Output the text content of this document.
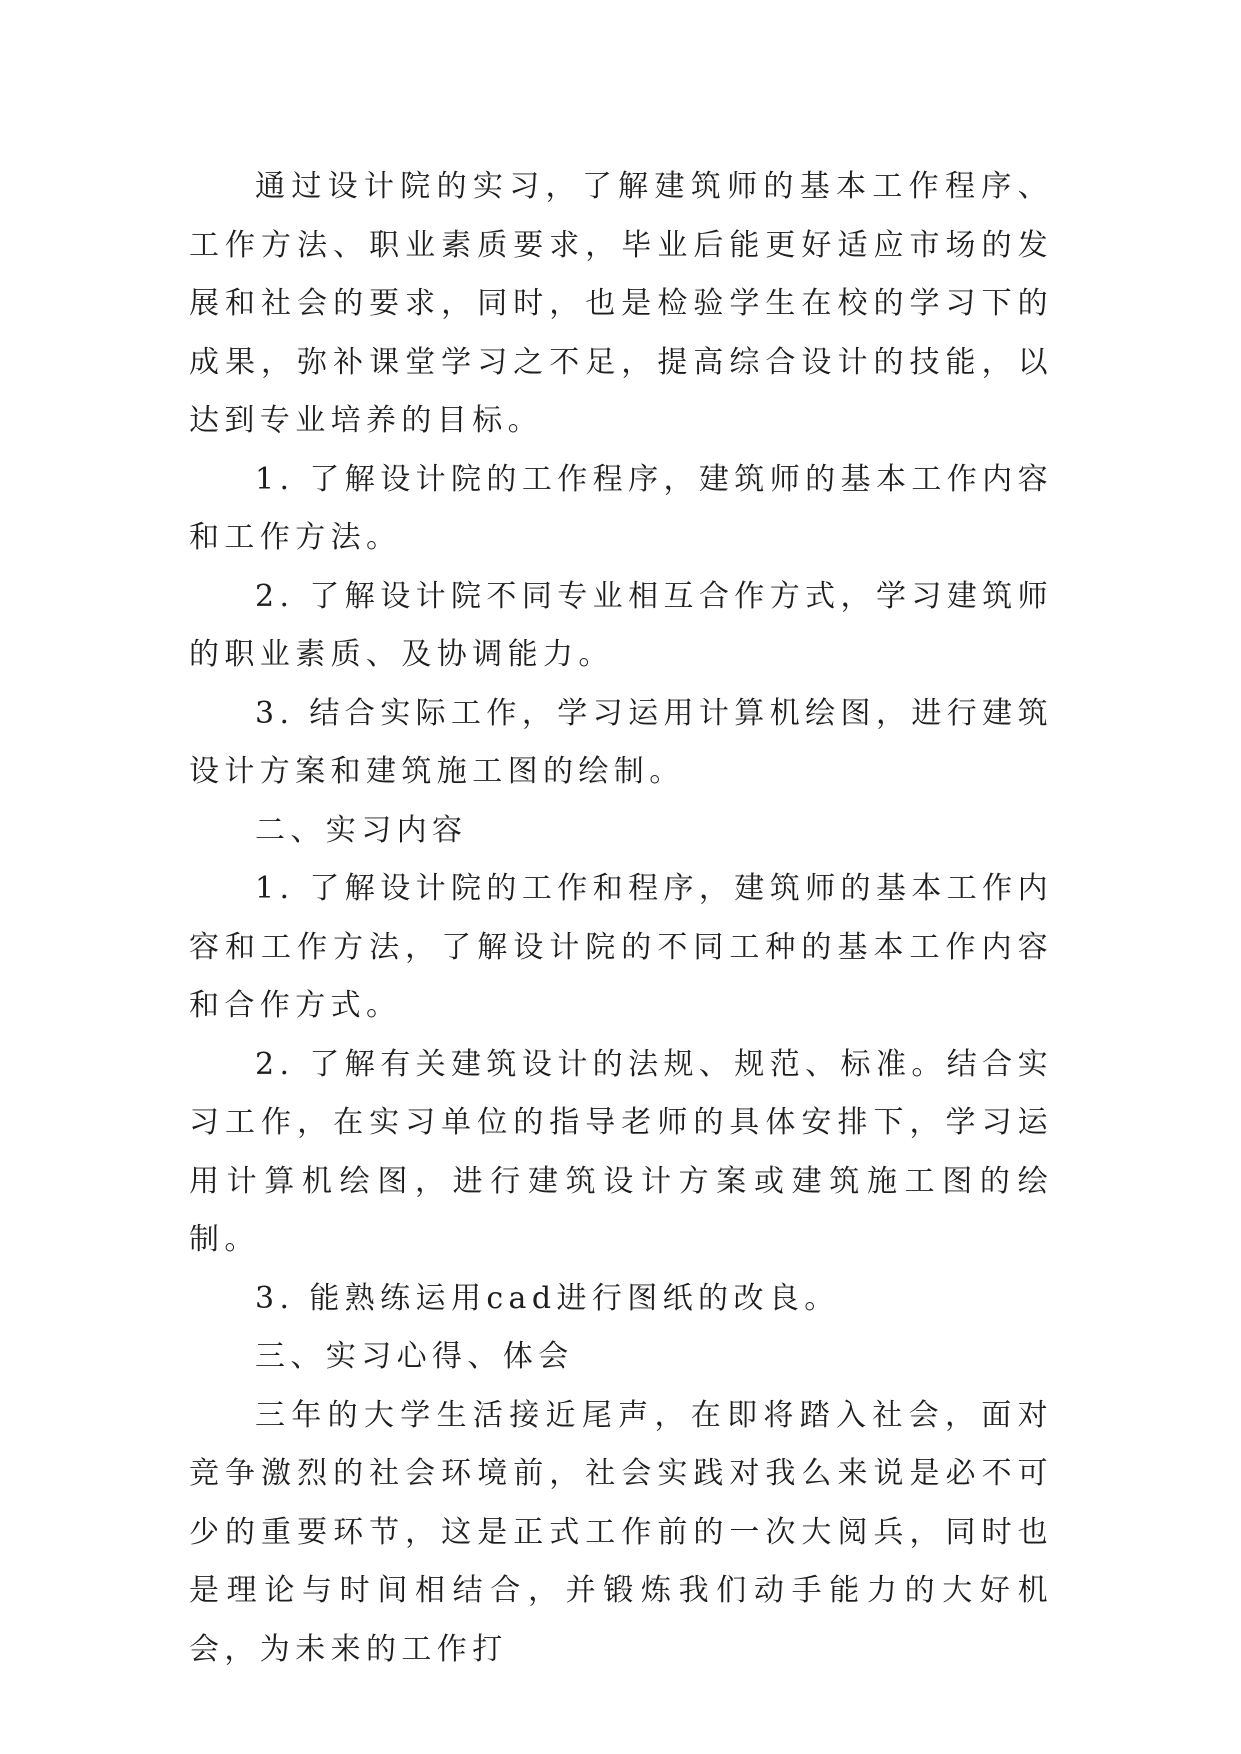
通过设计院的实习，了解建筑师的基本工作程序、工作方法、职业素质要求，毕业后能更好适应市场的发展和社会的要求，同时，也是检验学生在校的学习下的成果，弥补课堂学习之不足，提高综合设计的技能，以达到专业培养的目标。

1. 了解设计院的工作程序，建筑师的基本工作内容和工作方法。

2. 了解设计院不同专业相互合作方式，学习建筑师的职业素质、及协调能力。

3. 结合实际工作，学习运用计算机绘图，进行建筑设计方案和建筑施工图的绘制。

二、实习内容

1. 了解设计院的工作和程序，建筑师的基本工作内容和工作方法，了解设计院的不同工种的基本工作内容和合作方式。

2. 了解有关建筑设计的法规、规范、标准。结合实习工作，在实习单位的指导老师的具体安排下，学习运用计算机绘图，进行建筑设计方案或建筑施工图的绘制。

3. 能熟练运用cad进行图纸的改良。

三、实习心得、体会

三年的大学生活接近尾声，在即将踏入社会，面对竞争激烈的社会环境前，社会实践对我么来说是必不可少的重要环节，这是正式工作前的一次大阅兵，同时也是理论与时间相结合，并锻炼我们动手能力的大好机会，为未来的工作打
